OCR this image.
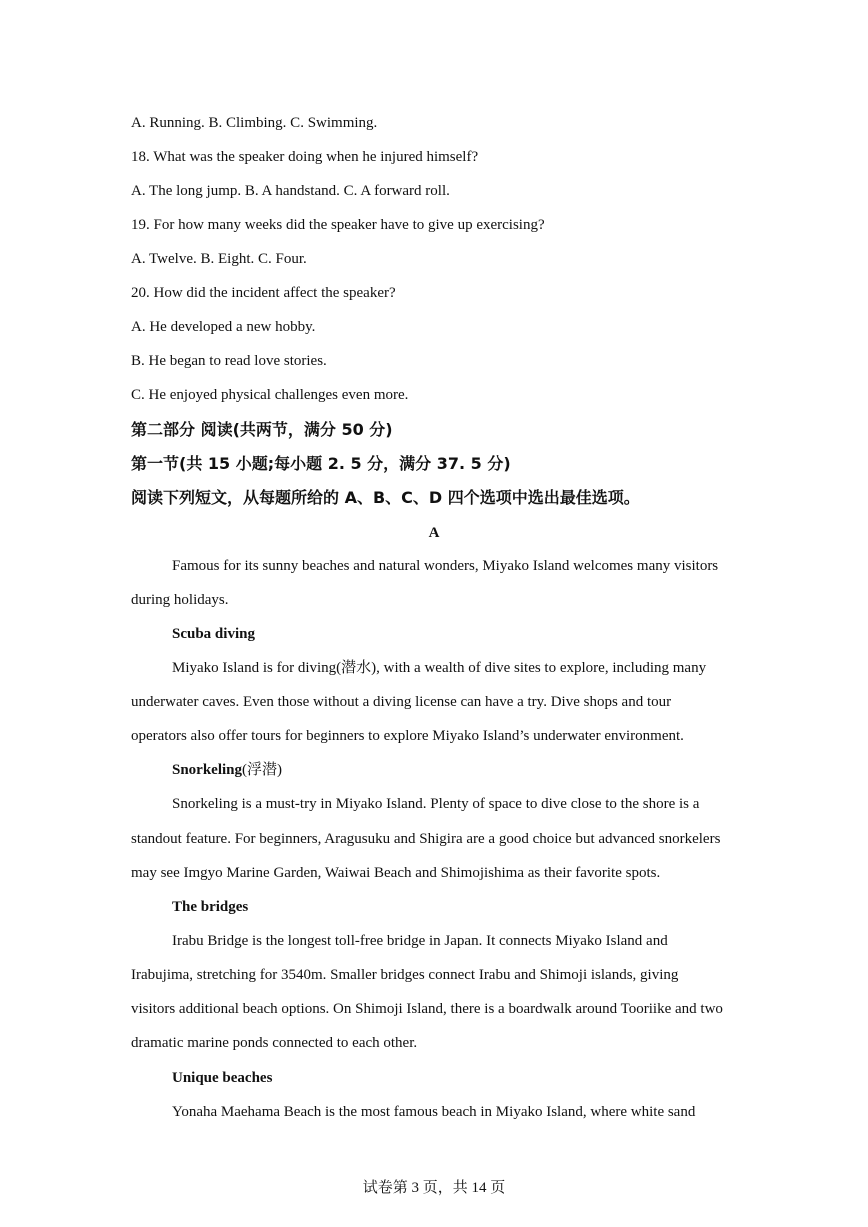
A. Running. B. Climbing. C. Swimming.
18. What was the speaker doing when he injured himself?
A. The long jump. B. A handstand. C. A forward roll.
19. For how many weeks did the speaker have to give up exercising?
A. Twelve. B. Eight. C. Four.
20. How did the incident affect the speaker?
A. He developed a new hobby.
B. He began to read love stories.
C. He enjoyed physical challenges even more.
第二部分 阅读(共两节，满分 50 分)
第一节(共 15 小题;每小题 2. 5 分，满分 37. 5 分)
阅读下列短文，从每题所给的 A、B、C、D 四个选项中选出最佳选项。
A
Famous for its sunny beaches and natural wonders, Miyako Island welcomes many visitors
during holidays.
Scuba diving
Miyako Island is for diving(潜水), with a wealth of dive sites to explore, including many
underwater caves. Even those without a diving license can have a try. Dive shops and tour
operators also offer tours for beginners to explore Miyako Island’s underwater environment.
Snorkeling(浮潜)
Snorkeling is a must-try in Miyako Island. Plenty of space to dive close to the shore is a
standout feature. For beginners, Aragusuku and Shigira are a good choice but advanced snorkelers
may see Imgyo Marine Garden, Waiwai Beach and Shimojishima as their favorite spots.
The bridges
Irabu Bridge is the longest toll-free bridge in Japan. It connects Miyako Island and
Irabujima, stretching for 3540m. Smaller bridges connect Irabu and Shimoji islands, giving
visitors additional beach options. On Shimoji Island, there is a boardwalk around Tooriike and two
dramatic marine ponds connected to each other.
Unique beaches
Yonaha Maehama Beach is the most famous beach in Miyako Island, where white sand
试卷第 3 页，共 14 页
